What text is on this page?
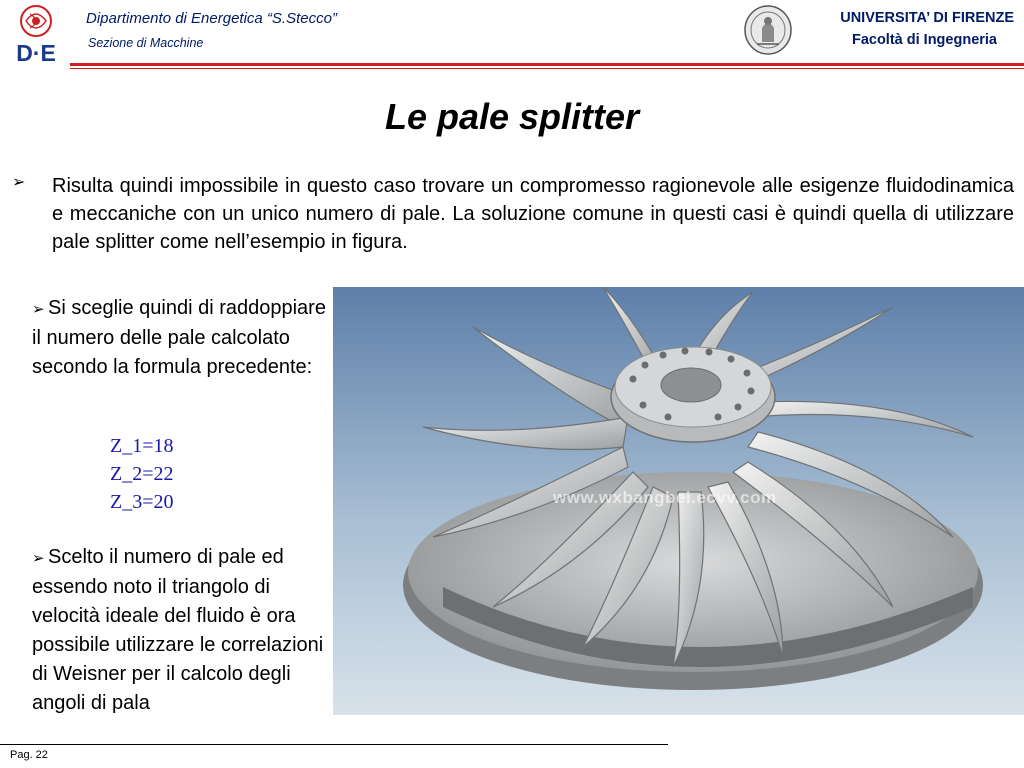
D·E
Dipartimento di Energetica “S.Stecco”
Sezione di Macchine
UNIVERSITA’ DI FIRENZE
Facoltà di Ingegneria
Le pale splitter
➢ Risulta quindi impossibile in questo caso trovare un compromesso ragionevole alle esigenze fluidodinamica e meccaniche con un unico numero di pale. La soluzione comune in questi casi è quindi quella di utilizzare pale splitter come nell’esempio in figura.

➢ Si sceglie quindi di raddoppiare il numero delle pale calcolato secondo la formula precedente:

Z_1=18
Z_2=22
Z_3=20

➢ Scelto il numero di pale ed essendo noto il triangolo di velocità ideale del fluido è ora possibile utilizzare le correlazioni di Weisner per il calcolo degli angoli di pala

www.wxbangbei.ecvv.com
Pag. 22
